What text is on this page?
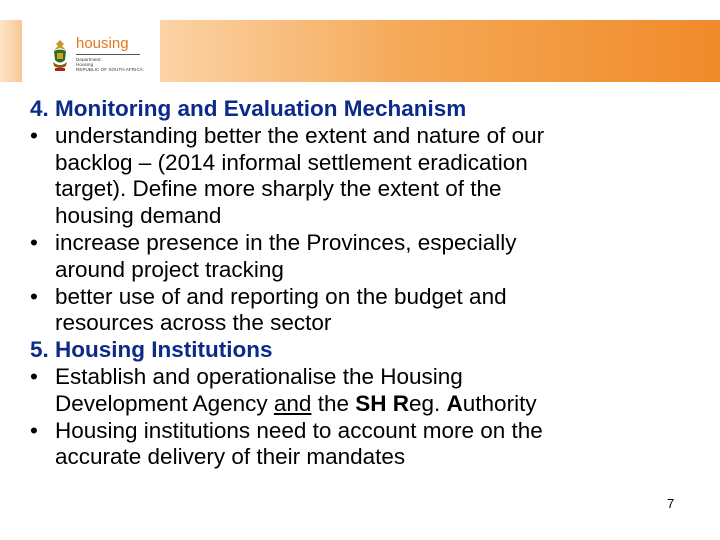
housing
Department:
Housing
REPUBLIC OF SOUTH AFRICA
4. Monitoring and Evaluation Mechanism
• understanding better the extent and nature of our
backlog – (2014 informal settlement eradication
target). Define more sharply the extent of the
housing demand
• increase presence in the Provinces, especially
around project tracking
• better use of and reporting on the budget and
resources across the sector
5. Housing Institutions
• Establish and operationalise the Housing
Development Agency and the SH
R eg. A uthority
• Housing institutions need to account more on the
accurate delivery of their mandates
7
